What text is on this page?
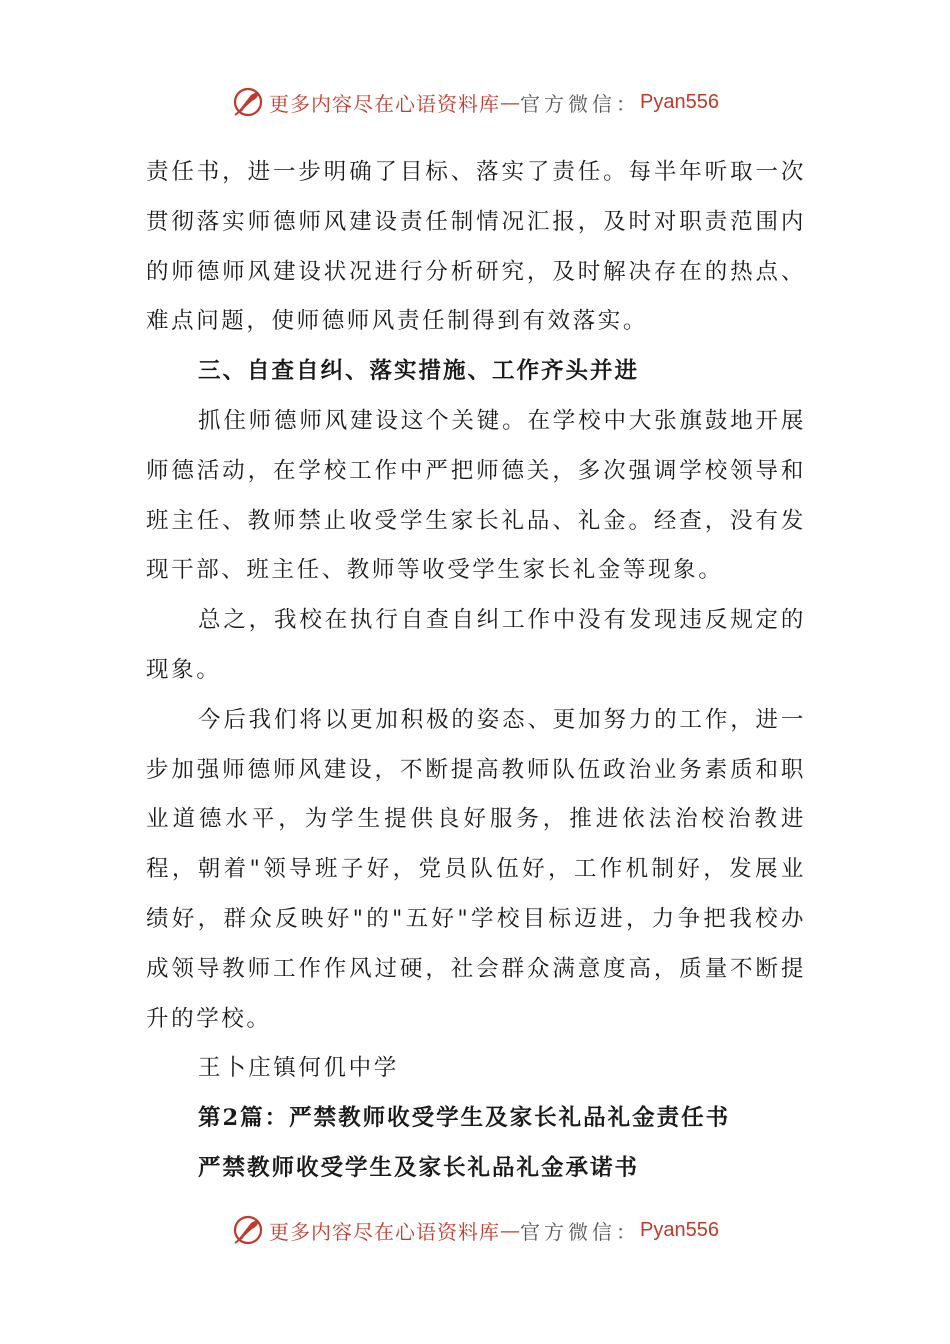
更多内容尽在心语资料库 — 官方微信： Pyan556

责任书，进一步明确了目标、落实了责任。每半年听取一次贯彻落实师德师风建设责任制情况汇报，及时对职责范围内的师德师风建设状况进行分析研究，及时解决存在的热点、难点问题，使师德师风责任制得到有效落实。

三、自查自纠、落实措施、工作齐头并进

抓住师德师风建设这个关键。在学校中大张旗鼓地开展师德活动，在学校工作中严把师德关，多次强调学校领导和班主任、教师禁止收受学生家长礼品、礼金。经查，没有发现干部、班主任、教师等收受学生家长礼金等现象。

总之，我校在执行自查自纠工作中没有发现违反规定的现象。

今后我们将以更加积极的姿态、更加努力的工作，进一步加强师德师风建设，不断提高教师队伍政治业务素质和职业道德水平，为学生提供良好服务，推进依法治校治教进程，朝着"领导班子好，党员队伍好，工作机制好，发展业绩好，群众反映好"的"五好"学校目标迈进，力争把我校办成领导教师工作作风过硬，社会群众满意度高，质量不断提升的学校。

王卜庄镇何仉中学

第2篇：严禁教师收受学生及家长礼品礼金责任书

严禁教师收受学生及家长礼品礼金承诺书

更多内容尽在心语资料库 — 官方微信： Pyan556
